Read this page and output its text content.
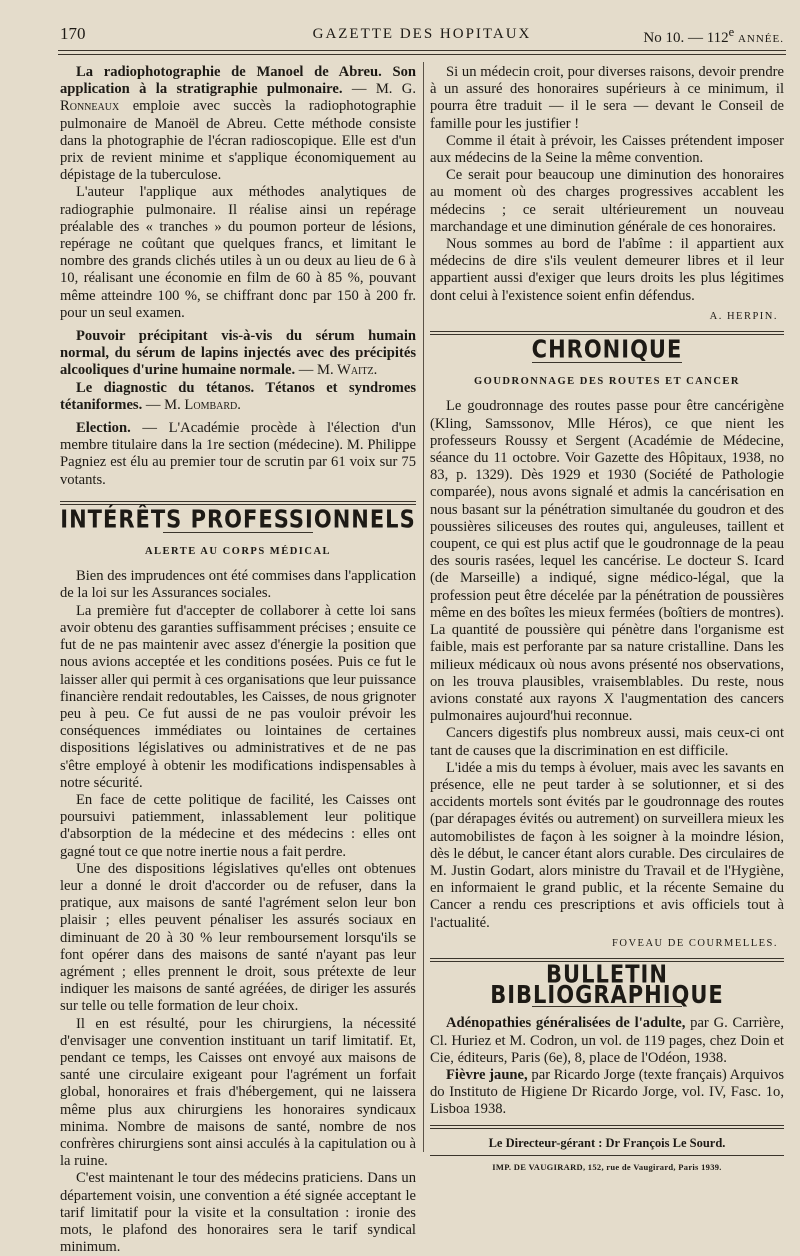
170	GAZETTE DES HOPITAUX	No 10. — 112e ANNÉE.

La radiophotographie de Manoel de Abreu. Son application à la stratigraphie pulmonaire. — M. G. Ronneaux emploie avec succès la radiophotographie pulmonaire de Manoël de Abreu. Cette méthode consiste dans la photographie de l'écran radioscopique. Elle est d'un prix de revient minime et s'applique économiquement au dépistage de la tuberculose.

L'auteur l'applique aux méthodes analytiques de radiographie pulmonaire. Il réalise ainsi un repérage préalable des « tranches » du poumon porteur de lésions, repérage ne coûtant que quelques francs, et limitant le nombre des grands clichés utiles à un ou deux au lieu de 6 à 10, réalisant une économie en film de 60 à 85 %, pouvant même atteindre 100 %, se chiffrant donc par 150 à 200 fr. pour un seul examen.

Pouvoir précipitant vis-à-vis du sérum humain normal, du sérum de lapins injectés avec des précipités alcooliques d'urine humaine normale. — M. Waitz.

Le diagnostic du tétanos. Tétanos et syndromes tétaniformes. — M. Lombard.

Election. — L'Académie procède à l'élection d'un membre titulaire dans la 1re section (médecine). M. Philippe Pagniez est élu au premier tour de scrutin par 61 voix sur 75 votants.

INTÉRÊTS PROFESSIONNELS
ALERTE AU CORPS MÉDICAL

Bien des imprudences ont été commises dans l'application de la loi sur les Assurances sociales.

La première fut d'accepter de collaborer à cette loi sans avoir obtenu des garanties suffisamment précises ; ensuite ce fut de ne pas maintenir avec assez d'énergie la position que nous avions acceptée et les conditions posées. Puis ce fut le laisser aller qui permit à ces organisations que leur puissance financière rendait redoutables, les Caisses, de nous grignoter peu à peu. Ce fut aussi de ne pas vouloir prévoir les conséquences immédiates ou lointaines de certaines dispositions législatives ou administratives et de ne pas s'être employé à obtenir les modifications indispensables à notre sécurité.

En face de cette politique de facilité, les Caisses ont poursuivi patiemment, inlassablement leur politique d'absorption de la médecine et des médecins : elles ont gagné tout ce que notre inertie nous a fait perdre.

Une des dispositions législatives qu'elles ont obtenues leur a donné le droit d'accorder ou de refuser, dans la pratique, aux maisons de santé l'agrément selon leur bon plaisir ; elles peuvent pénaliser les assurés sociaux en diminuant de 20 à 30 % leur remboursement lorsqu'ils se font opérer dans des maisons de santé n'ayant pas leur agrément ; elles prennent le droit, sous prétexte de leur indiquer les maisons de santé agréées, de diriger les assurés sur telle ou telle formation de leur choix.

Il en est résulté, pour les chirurgiens, la nécessité d'envisager une convention instituant un tarif limitatif. Et, pendant ce temps, les Caisses ont envoyé aux maisons de santé une circulaire exigeant pour l'agrément un forfait global, honoraires et frais d'hébergement, qui ne laissera même plus aux chirurgiens les honoraires syndicaux minima. Nombre de maisons de santé, nombre de nos confrères chirurgiens sont ainsi acculés à la capitulation ou à la ruine.

C'est maintenant le tour des médecins praticiens. Dans un département voisin, une convention a été signée acceptant le tarif limitatif pour la visite et la consultation : ironie des mots, le plafond des honoraires sera le tarif syndical minimum.

Si un médecin croit, pour diverses raisons, devoir prendre à un assuré des honoraires supérieurs à ce minimum, il pourra être traduit — il le sera — devant le Conseil de famille pour les justifier !

Comme il était à prévoir, les Caisses prétendent imposer aux médecins de la Seine la même convention.

Ce serait pour beaucoup une diminution des honoraires au moment où des charges progressives accablent les médecins ; ce serait ultérieurement un nouveau marchandage et une diminution générale de ces honoraires.

Nous sommes au bord de l'abîme : il appartient aux médecins de dire s'ils veulent demeurer libres et il leur appartient aussi d'exiger que leurs droits les plus légitimes dont celui à l'existence soient enfin défendus.

A. HERPIN.
CHRONIQUE
GOUDRONNAGE DES ROUTES ET CANCER

Le goudronnage des routes passe pour être cancérigène (Kling, Samssonov, Mlle Héros), ce que nient les professeurs Roussy et Sergent (Académie de Médecine, séance du 11 octobre. Voir Gazette des Hôpitaux, 1938, no 83, p. 1329). Dès 1929 et 1930 (Société de Pathologie comparée), nous avons signalé et admis la cancérisation en nous basant sur la pénétration simultanée du goudron et des poussières siliceuses des routes qui, anguleuses, taillent et coupent, ce qui est plus actif que le goudronnage de la peau des souris rasées, lequel les cancérise. Le docteur S. Icard (de Marseille) a indiqué, signe médico-légal, que la profession peut être décelée par la pénétration de poussières même en des boîtes les mieux fermées (boîtiers de montres). La quantité de poussière qui pénètre dans l'organisme est faible, mais est perforante par sa nature cristalline. Dans les milieux médicaux où nous avons présenté nos observations, on les trouva plausibles, vraisemblables. Du reste, nous avions constaté aux rayons X l'augmentation des cancers pulmonaires aujourd'hui reconnue.

Cancers digestifs plus nombreux aussi, mais ceux-ci ont tant de causes que la discrimination en est difficile.

L'idée a mis du temps à évoluer, mais avec les savants en présence, elle ne peut tarder à se solutionner, et si des accidents mortels sont évités par le goudronnage des routes (par dérapages évités ou autrement) on surveillera mieux les automobilistes de façon à les soigner à la moindre lésion, dès le début, le cancer étant alors curable. Des circulaires de M. Justin Godart, alors ministre du Travail et de l'Hygiène, en informaient le grand public, et la récente Semaine du Cancer a rendu ces prescriptions et avis officiels tout à l'actualité.

FOVEAU DE COURMELLES.
BULLETIN BIBLIOGRAPHIQUE

Adénopathies généralisées de l'adulte, par G. Carrière, Cl. Huriez et M. Codron, un vol. de 119 pages, chez Doin et Cie, éditeurs, Paris (6e), 8, place de l'Odéon, 1938.

Fièvre jaune, par Ricardo Jorge (texte français) Arquivos do Instituto de Higiene Dr Ricardo Jorge, vol. IV, Fasc. 1o, Lisboa 1938.

Le Directeur-gérant : Dr François Le Sourd.
IMP. DE VAUGIRARD, 152, rue de Vaugirard, Paris 1939.
